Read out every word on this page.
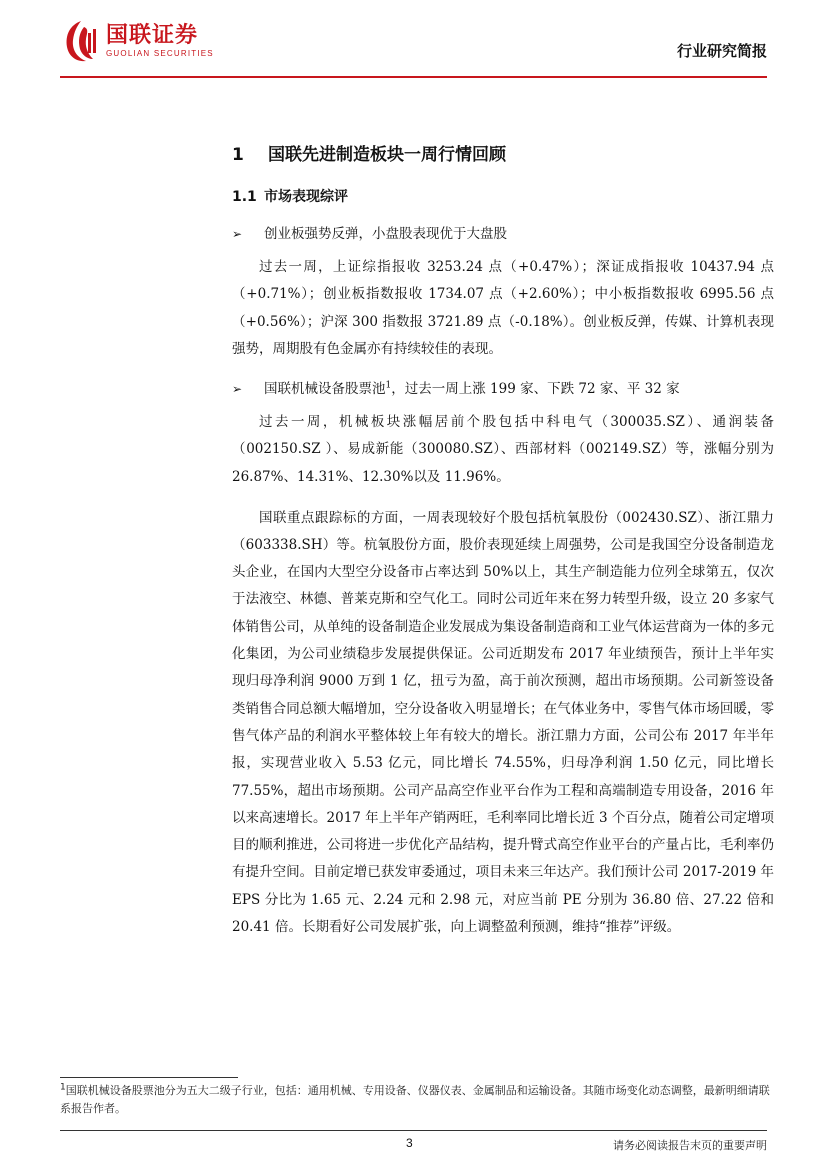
国联证券
GUOLIAN SECURITIES	行业研究简报
1	国联先进制造板块一周行情回顾
1.1 市场表现综评
➢	创业板强势反弹，小盘股表现优于大盘股

过去一周，上证综指报收 3253.24 点（+0.47%）；深证成指报收 10437.94 点（+0.71%）；创业板指数报收 1734.07 点（+2.60%）；中小板指数报收 6995.56 点（+0.56%）；沪深 300 指数报 3721.89 点（-0.18%）。创业板反弹，传媒、计算机表现强势，周期股有色金属亦有持续较佳的表现。

➢	国联机械设备股票池$^1$，过去一周上涨 199 家、下跌 72 家、平 32 家

过去一周，机械板块涨幅居前个股包括中科电气（300035.SZ）、通润装备（002150.SZ ）、易成新能（300080.SZ）、西部材料（002149.SZ）等，涨幅分别为 26.87%、14.31%、12.30%以及 11.96%。

国联重点跟踪标的方面，一周表现较好个股包括杭氧股份（002430.SZ）、浙江鼎力（603338.SH）等。杭氧股份方面，股价表现延续上周强势，公司是我国空分设备制造龙头企业，在国内大型空分设备市占率达到 50%以上，其生产制造能力位列全球第五，仅次于法液空、林德、普莱克斯和空气化工。同时公司近年来在努力转型升级，设立 20 多家气体销售公司，从单纯的设备制造企业发展成为集设备制造商和工业气体运营商为一体的多元化集团，为公司业绩稳步发展提供保证。公司近期发布 2017 年业绩预告，预计上半年实现归母净利润 9000 万到 1 亿，扭亏为盈，高于前次预测，超出市场预期。公司新签设备类销售合同总额大幅增加，空分设备收入明显增长；在气体业务中，零售气体市场回暖，零售气体产品的利润水平整体较上年有较大的增长。浙江鼎力方面，公司公布 2017 年半年报，实现营业收入 5.53 亿元，同比增长 74.55%，归母净利润 1.50 亿元，同比增长 77.55%，超出市场预期。公司产品高空作业平台作为工程和高端制造专用设备，2016 年以来高速增长。2017 年上半年产销两旺，毛利率同比增长近 3 个百分点，随着公司定增项目的顺利推进，公司将进一步优化产品结构，提升臂式高空作业平台的产量占比，毛利率仍有提升空间。目前定增已获发审委通过，项目未来三年达产。我们预计公司 2017-2019 年 EPS 分比为 1.65 元、2.24 元和 2.98 元，对应当前 PE 分别为 36.80 倍、27.22 倍和 20.41 倍。长期看好公司发展扩张，向上调整盈利预测，维持“推荐”评级。

$^1$国联机械设备股票池分为五大二级子行业，包括：通用机械、专用设备、仪器仪表、金属制品和运输设备。其随市场变化动态调整，最新明细请联系报告作者。
3	请务必阅读报告末页的重要声明
